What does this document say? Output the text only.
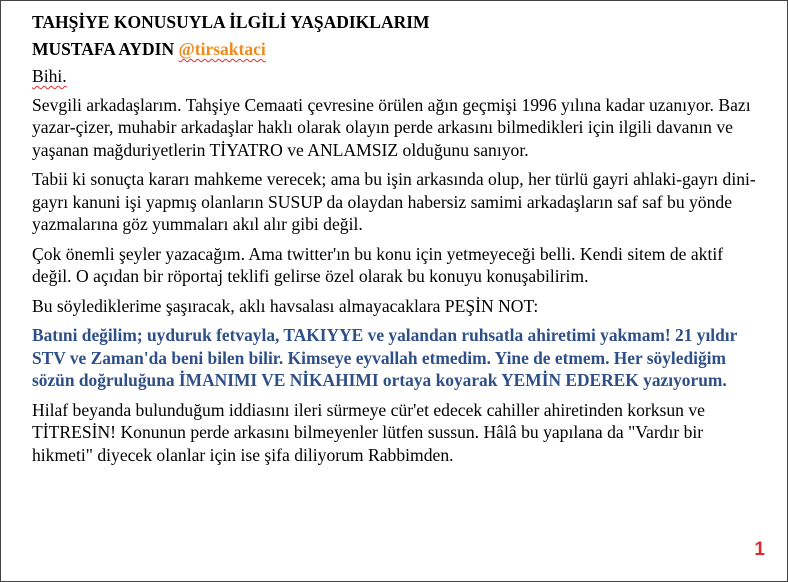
TAHŞİYE KONUSUYLA İLGİLİ YAŞADIKLARIM
MUSTAFA AYDIN @tirsaktaci
Bihi.
Sevgili arkadaşlarım. Tahşiye Cemaati çevresine örülen ağın geçmişi 1996 yılına kadar uzanıyor. Bazı yazar-çizer, muhabir arkadaşlar haklı olarak olayın perde arkasını bilmedikleri için ilgili davanın ve yaşanan mağduriyetlerin TİYATRO ve ANLAMSIZ olduğunu sanıyor.
Tabii ki sonuçta kararı mahkeme verecek; ama bu işin arkasında olup, her türlü gayri ahlaki-gayrı dini-gayrı kanuni işi yapmış olanların SUSUP da olaydan habersiz samimi arkadaşların saf saf bu yönde yazmalarına göz yummaları akıl alır gibi değil.
Çok önemli şeyler yazacağım. Ama twitter'ın bu konu için yetmeyeceği belli. Kendi sitem de aktif değil. O açıdan bir röportaj teklifi gelirse özel olarak bu konuyu konuşabilirim.
Bu söylediklerime şaşıracak, aklı havsalası almayacaklara PEŞİN NOT:
Batıni değilim; uyduruk fetvayla, TAKIYYE ve yalandan ruhsatla ahiretimi yakmam! 21 yıldır STV ve Zaman'da beni bilen bilir. Kimseye eyvallah etmedim. Yine de etmem. Her söylediğim sözün doğruluğuna İMANIMI VE NİKAHIMI ortaya koyarak YEMİN EDEREK yazıyorum.
Hilaf beyanda bulunduğum iddiasını ileri sürmeye cür'et edecek cahiller ahiretinden korksun ve TİTRESİN! Konunun perde arkasını bilmeyenler lütfen sussun. Hâlâ bu yapılana da "Vardır bir hikmeti" diyecek olanlar için ise şifa diliyorum Rabbimden.
1
